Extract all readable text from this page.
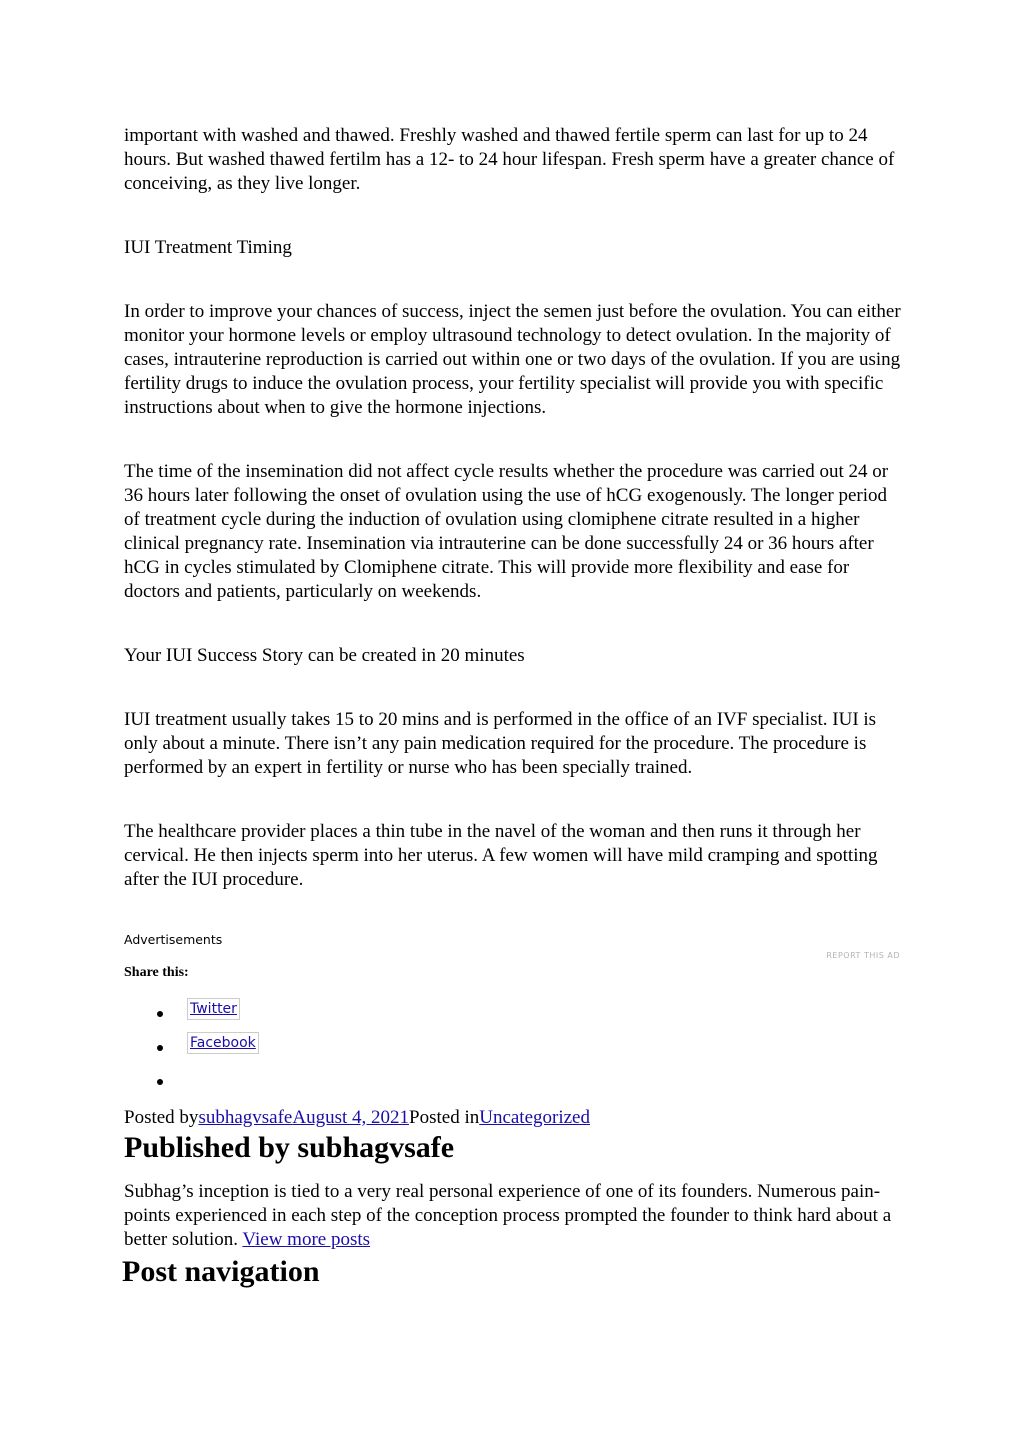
important with washed and thawed. Freshly washed and thawed fertile sperm can last for up to 24 hours. But washed thawed fertilm has a 12- to 24 hour lifespan. Fresh sperm have a greater chance of conceiving, as they live longer.

IUI Treatment Timing

In order to improve your chances of success, inject the semen just before the ovulation. You can either monitor your hormone levels or employ ultrasound technology to detect ovulation. In the majority of cases, intrauterine reproduction is carried out within one or two days of the ovulation. If you are using fertility drugs to induce the ovulation process, your fertility specialist will provide you with specific instructions about when to give the hormone injections.

The time of the insemination did not affect cycle results whether the procedure was carried out 24 or 36 hours later following the onset of ovulation using the use of hCG exogenously. The longer period of treatment cycle during the induction of ovulation using clomiphene citrate resulted in a higher clinical pregnancy rate. Insemination via intrauterine can be done successfully 24 or 36 hours after hCG in cycles stimulated by Clomiphene citrate. This will provide more flexibility and ease for doctors and patients, particularly on weekends.

Your IUI Success Story can be created in 20 minutes

IUI treatment usually takes 15 to 20 mins and is performed in the office of an IVF specialist. IUI is only about a minute. There isn’t any pain medication required for the procedure. The procedure is performed by an expert in fertility or nurse who has been specially trained.

The healthcare provider places a thin tube in the navel of the woman and then runs it through her cervical. He then injects sperm into her uterus. A few women will have mild cramping and spotting after the IUI procedure.

Advertisements

REPORT THIS AD

Share this:

Twitter
Facebook

Posted bysubhagvsafeAugust 4, 2021Posted inUncategorized

Published by subhagvsafe

Subhag’s inception is tied to a very real personal experience of one of its founders. Numerous pain-points experienced in each step of the conception process prompted the founder to think hard about a better solution. View more posts

Post navigation
